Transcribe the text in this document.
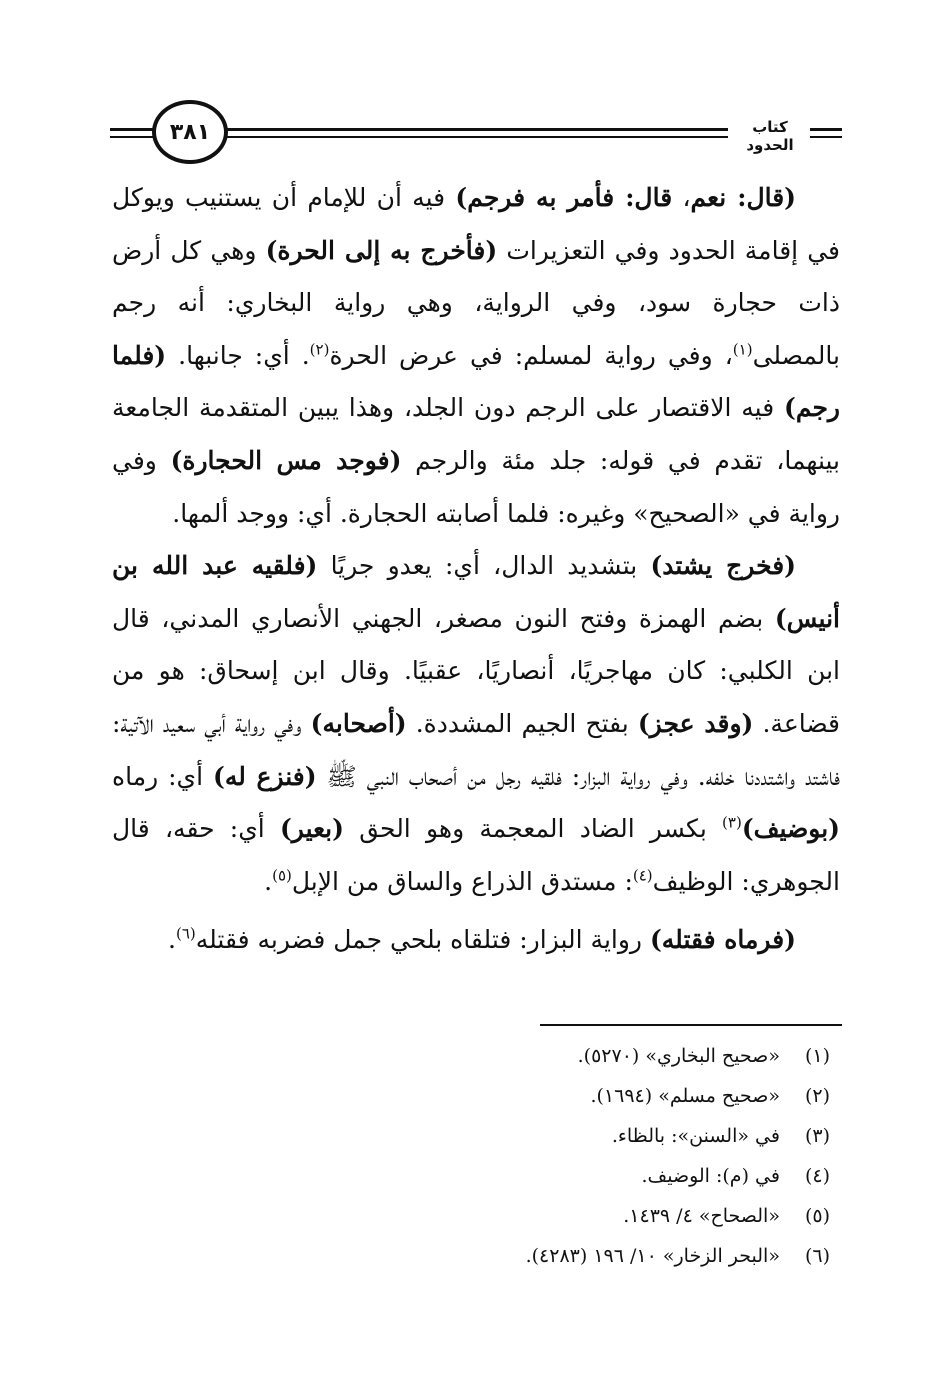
٣٨١	كتاب الحدود

(قال: نعم، قال: فأمر به فرجم) فيه أن للإمام أن يستنيب ويوكل في إقامة الحدود وفي التعزيرات (فأخرج به إلى الحرة) وهي كل أرض ذات حجارة سود، وفي الرواية، وهي رواية البخاري: أنه رجم بالمصلى$^{(١)}$، وفي رواية لمسلم: في عرض الحرة$^{(٢)}$. أي: جانبها. (فلما رجم) فيه الاقتصار على الرجم دون الجلد، وهذا يبين المتقدمة الجامعة بينهما، تقدم في قوله: جلد مئة والرجم (فوجد مس الحجارة) وفي رواية في «الصحيح» وغيره: فلما أصابته الحجارة. أي: ووجد ألمها.

(فخرج يشتد) بتشديد الدال، أي: يعدو جريًا (فلقيه عبد الله بن أنيس) بضم الهمزة وفتح النون مصغر، الجهني الأنصاري المدني، قال ابن الكلبي: كان مهاجريًا، أنصاريًا، عقبيًا. وقال ابن إسحاق: هو من قضاعة. (وقد عجز) بفتح الجيم المشددة. (أصحابه) وفي رواية أبي سعيد الآتية: فاشتد واشتددنا خلفه. وفي رواية البزار: فلقيه رجل من أصحاب النبي ﷺ (فنزع له) أي: رماه (بوضيف)$^{(٣)}$ بكسر الضاد المعجمة وهو الحق (بعير) أي: حقه، قال الجوهري: الوظيف$^{(٤)}$: مستدق الذراع والساق من الإبل$^{(٥)}$.

(فرماه فقتله) رواية البزار: فتلقاه بلحي جمل فضربه فقتله$^{(٦)}$.

(١) «صحيح البخاري» (٥٢٧٠).
(٢) «صحيح مسلم» (١٦٩٤).
(٣) في «السنن»: بالظاء.
(٤) في (م): الوضيف.
(٥) «الصحاح» ٤/ ١٤٣٩.
(٦) «البحر الزخار» ١٠/ ١٩٦ (٤٢٨٣).
